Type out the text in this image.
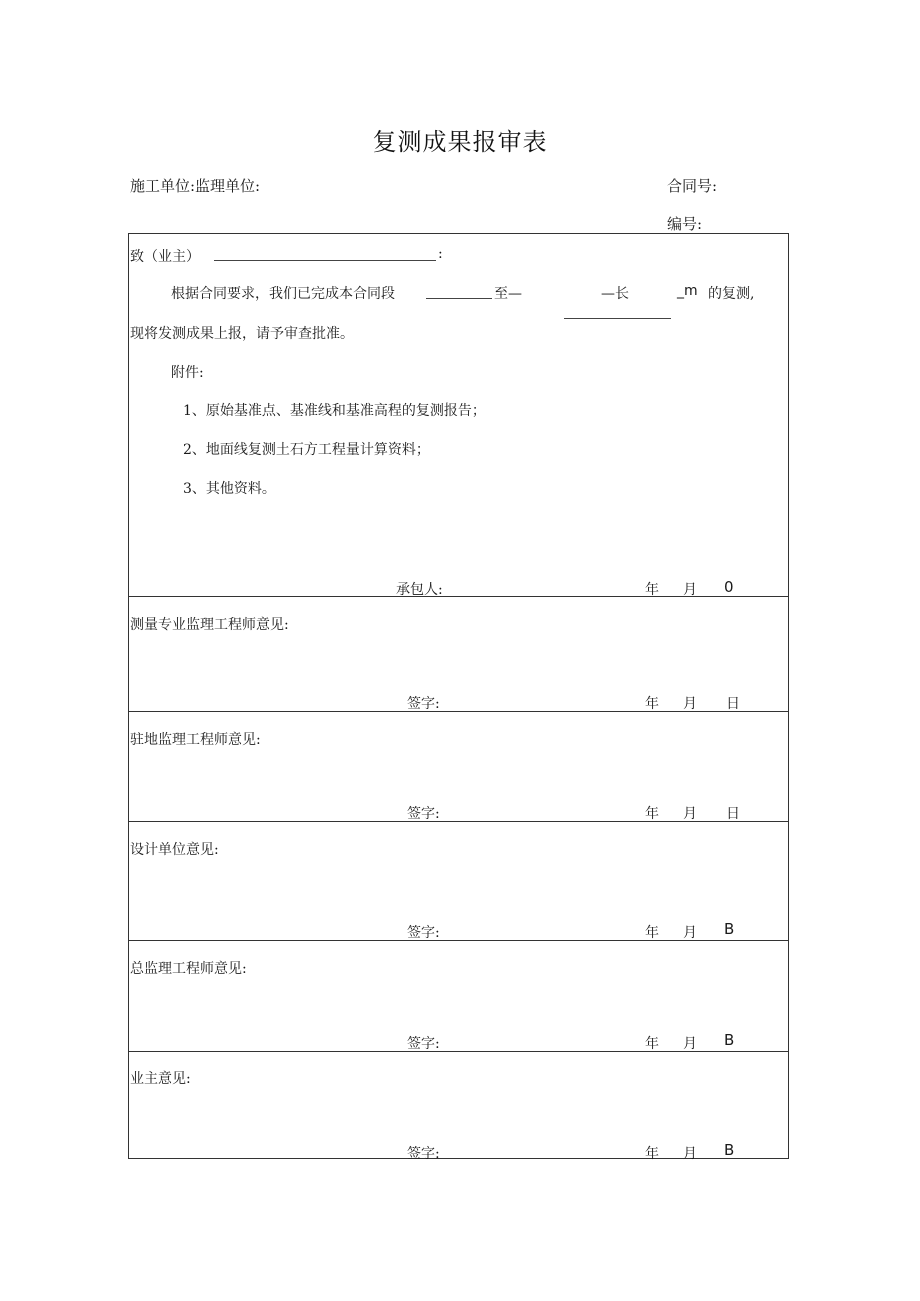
复测成果报审表
施工单位:监理单位:	合同号:
编号:
致（业主）	:
根据合同要求，我们已完成本合同段	至—	—长	_m 的复测,
现将发测成果上报，请予审查批准。
附件:
1、原始基准点、基准线和基准高程的复测报告；
2、地面线复测土石方工程量计算资料；
3、其他资料。
承包人:	年 月 0
测量专业监理工程师意见:
签字:	年 月 日
驻地监理工程师意见:
签字:	年 月 日
设计单位意见:
签字:	年 月 B
总监理工程师意见:
签字:	年 月 B
业主意见:
签字:	年 月 B
